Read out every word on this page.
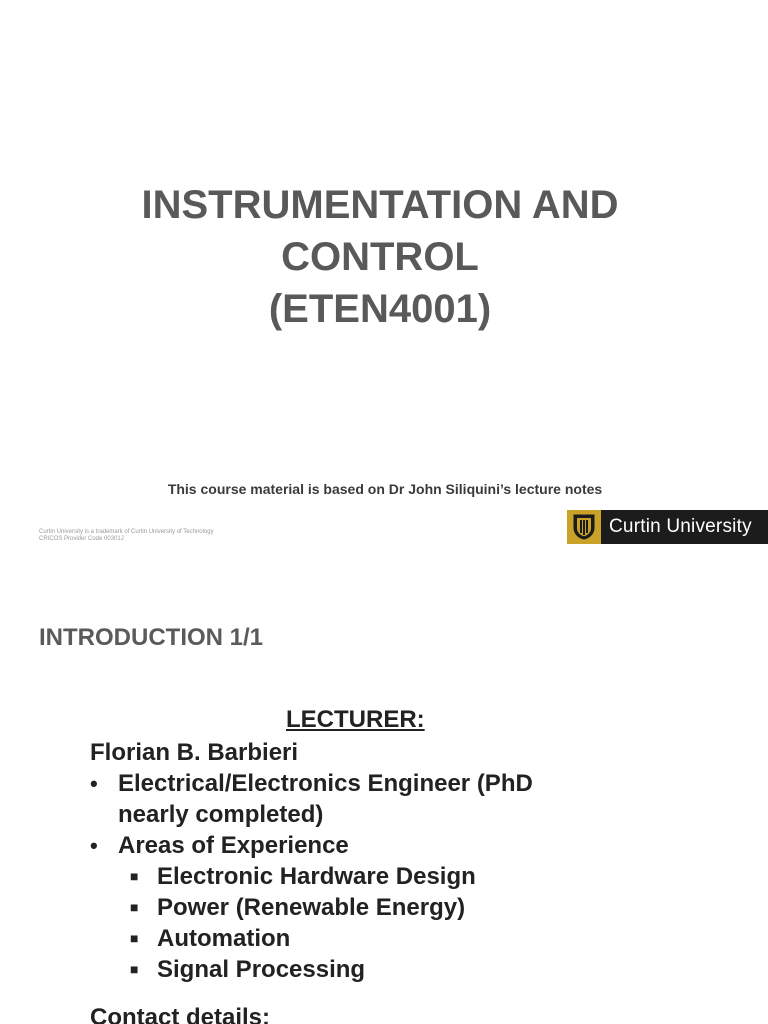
INSTRUMENTATION AND
CONTROL
(ETEN4001)
This course material is based on Dr John Siliquini’s lecture notes
Curtin University is a trademark of Curtin University of Technology
CRICOS Provider Code 00301J
Curtin University
INTRODUCTION 1/1
LECTURER:
Florian B. Barbieri
• Electrical/Electronics Engineer (PhD nearly completed)
• Areas of Experience
■ Electronic Hardware Design
■ Power (Renewable Energy)
■ Automation
■ Signal Processing
Contact details:
